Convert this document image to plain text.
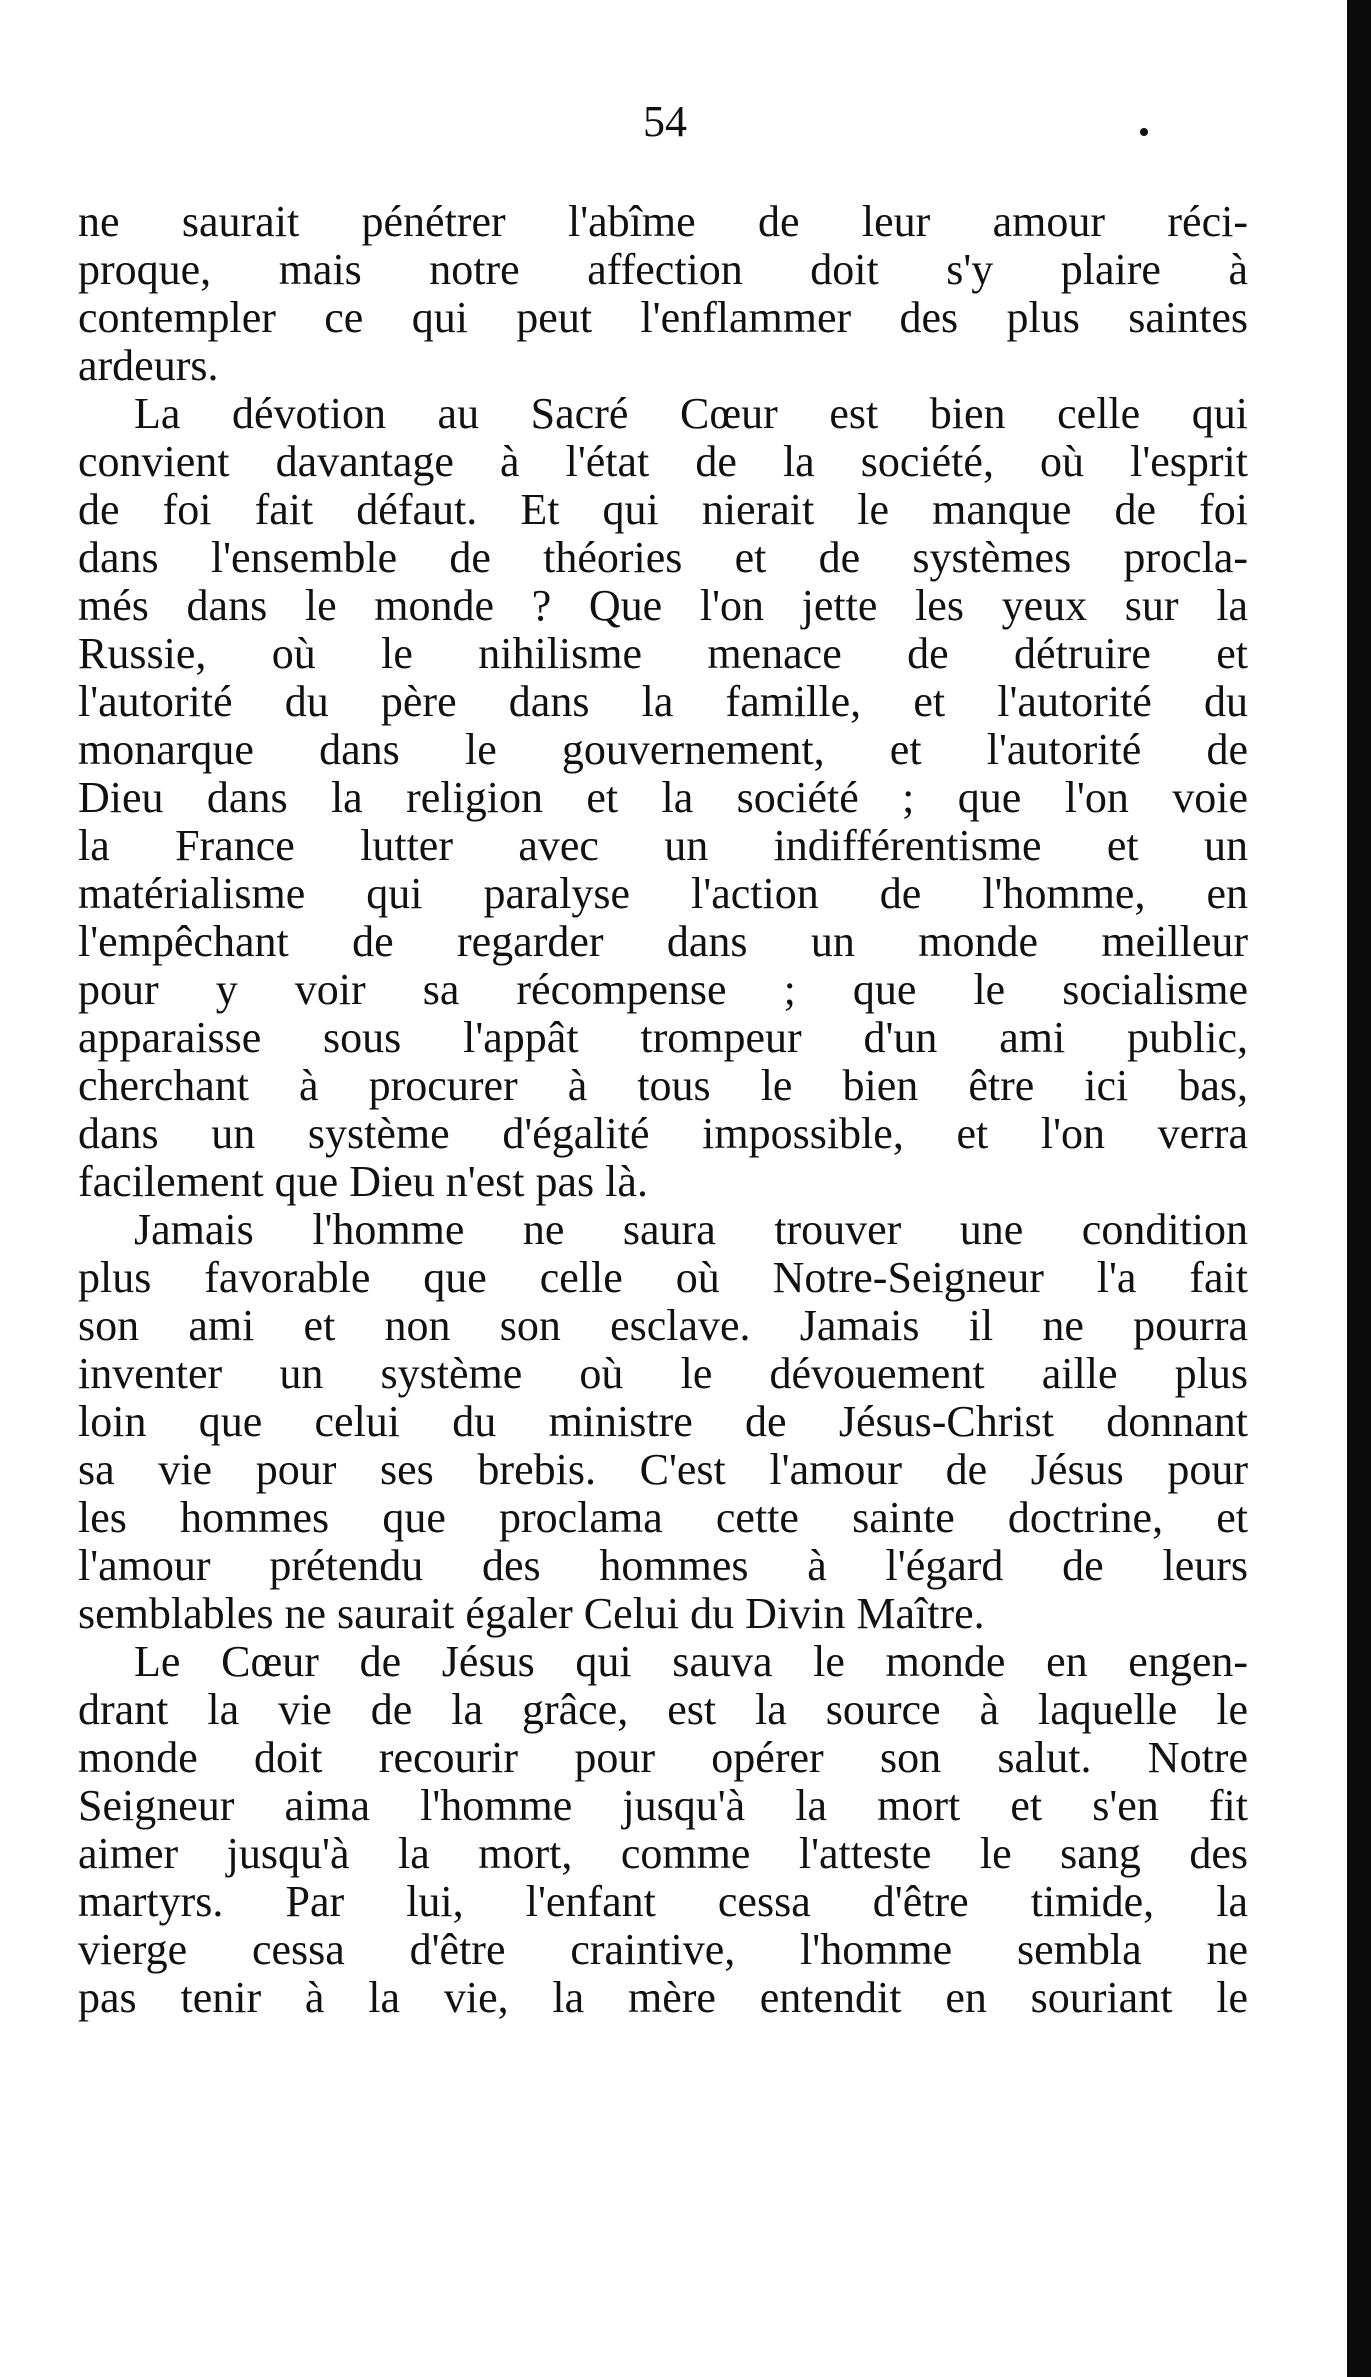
54
ne saurait pénétrer l'abîme de leur amour réci-
proque, mais notre affection doit s'y plaire à
contempler ce qui peut l'enflammer des plus saintes
ardeurs.
La dévotion au Sacré Cœur est bien celle qui
convient davantage à l'état de la société, où l'esprit
de foi fait défaut. Et qui nierait le manque de foi
dans l'ensemble de théories et de systèmes procla-
més dans le monde ? Que l'on jette les yeux sur la
Russie, où le nihilisme menace de détruire et
l'autorité du père dans la famille, et l'autorité du
monarque dans le gouvernement, et l'autorité de
Dieu dans la religion et la société ; que l'on voie
la France lutter avec un indifférentisme et un
matérialisme qui paralyse l'action de l'homme, en
l'empêchant de regarder dans un monde meilleur
pour y voir sa récompense ; que le socialisme
apparaisse sous l'appât trompeur d'un ami public,
cherchant à procurer à tous le bien être ici bas,
dans un système d'égalité impossible, et l'on verra
facilement que Dieu n'est pas là.
Jamais l'homme ne saura trouver une condition
plus favorable que celle où Notre-Seigneur l'a fait
son ami et non son esclave. Jamais il ne pourra
inventer un système où le dévouement aille plus
loin que celui du ministre de Jésus-Christ donnant
sa vie pour ses brebis. C'est l'amour de Jésus pour
les hommes que proclama cette sainte doctrine, et
l'amour prétendu des hommes à l'égard de leurs
semblables ne saurait égaler Celui du Divin Maître.
Le Cœur de Jésus qui sauva le monde en engen-
drant la vie de la grâce, est la source à laquelle le
monde doit recourir pour opérer son salut. Notre
Seigneur aima l'homme jusqu'à la mort et s'en fit
aimer jusqu'à la mort, comme l'atteste le sang des
martyrs. Par lui, l'enfant cessa d'être timide, la
vierge cessa d'être craintive, l'homme sembla ne
pas tenir à la vie, la mère entendit en souriant le
